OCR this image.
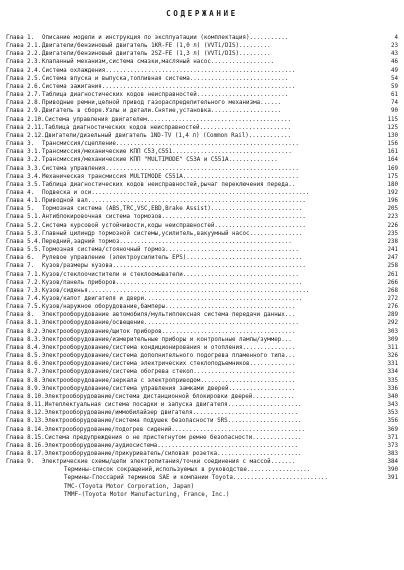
СОДЕРЖАНИЕ
Глава 1.	Описание модели и инструкция по эксплуатации (комплектация)...........	4
Глава 2.1. Двигатели/бензиновый двигатель 1KR-FE (1,0 л) (VVTi/DIS).........	23
Глава 2.2. Двигатели/бензиновый двигатель 2SZ-FE (1,3 л) (VVTi/DIS).........	43
Глава 2.3. Клапанный механизм,система смазки,масляный насос..................	46
Глава 2.4. Система охлаждения......................................................	49
Глава 2.5. Система впуска и выпуска,топливная система............................	54
Глава 2.6. Система зажигания.......................................................	59
Глава 2.7. Таблица диагностических кодов неисправностей..........................	61
Глава 2.8. Приводные ремни,цепной привод газораспределительного механизма......	74
Глава 2.9. Двигатель в сборе.Узлы и детали.Снятие,установка....................	90
Глава 2.10. Система управления двигателем.........................................	115
Глава 2.11. Таблица диагностических кодов неисправностей..........................	125
Глава 2.12. Двигатели/дизельный двигатель 1ND-TV (1,4 л) (Common Rail)............	130
Глава 3.	Трансмиссия/сцепление....................................................	156
Глава 3.1. Трансмиссия/механические КПП С53,С551..................................	161
Глава 3.2. Трансмиссия/механические КПП "MULTIMODE" С53А и С551А..............	164
Глава 3.3. Система управления.......................................................	169
Глава 3.4. Механическая трансмиссия MULTIMODE С551А.................................	175
Глава 3.5. Таблица диагностических кодов неисправностей,рычаг переключения переда..	180
Глава 4.	Подвеска и оси..............................................................	192
Глава 4.1. Приводной вал..............................................................	196
Глава 5.	Тормозная система (ABS,TRC,VSC,EBD,Brake Assist)..........................	205
Глава 5.1. Антиблокировочная система тормозов.........................................	223
Глава 5.2. Система курсовой устойчивости,коды неисправностей..........................	226
Глава 5.3. Главный цилиндр тормозной системы,усилитель,вакуумный насос...............	235
Глава 5.4. Передний,задний тормоз.................................................	238
Глава 5.5. Тормозная система/стояночный тормоз......................................	241
Глава 6.	Рулевое управление (электроусилитель EPS).................................	247
Глава 7.	Кузов/размеры кузова.......................................................	258
Глава 7.1. Кузов/стеклоочистители и стеклоомыватели.................................	261
Глава 7.2. Кузов/панель приборов.....................................................	266
Глава 7.3. Кузов/сиденья...............................................................	268
Глава 7.4. Кузов/капот двигателя и двери.............................................	272
Глава 7.5. Кузов/наружное оборудование,бамперы.....................................	276
Глава 8.	Электрооборудование автомобиля/мультиплексная система передачи данных...	289
Глава 8.1. Электрооборудование/освещение............................................	292
Глава 8.2. Электрооборудование/щиток приборов......................................	303
Глава 8.3. Электрооборудование/измерительные приборы и контрольные лампы/зуммер...	309
Глава 8.4. Электрооборудование/система кондиционирования и отопления...............	311
Глава 8.5. Электрооборудование/система дополнительного подогрева пламенного типа...	326
Глава 8.6. Электрооборудование/система электрических стеклоподъемников.............	331
Глава 8.7. Электрооборудование/система обогрева стекол.............................	334
Глава 8.8. Электрооборудование/зеркала с электроприводом...........................	335
Глава 8.9. Электрооборудование/система управления замками дверей...................	336
Глава 8.10. Электрооборудование/система дистанционной блокировки дверей............	340
Глава 8.11. Интеллектуальная система посадки и запуска двигателя.....................	343
Глава 8.12. Электрооборудование/иммобилайзер двигателя..............................	353
Глава 8.13. Электрооборудование/система подушек безопасности SRS.....................	356
Глава 8.14. Электрооборудование/подогрев сидений......................................	369
Глава 8.15. Система предупреждения о не пристегнутом ремне безопасности..............	371
Глава 8.16. Электрооборудование/аудиосистема........................................	373
Глава 8.17. Электрооборудование/прикуриватель/силовая розетка........................	383
Глава 9.	Электрические схемы/цепи электропитания/точки соединения с массой.......	384
Термины-список сокращений,используемых в руководстве..................	390
Термины-Глоссарий терминов SAE и компании Toyota...........................	391
TMC-(Toyota Motor Corporation, Japan)
TMMF-(Toyota Motor Manufacturing, France, Inc.)
